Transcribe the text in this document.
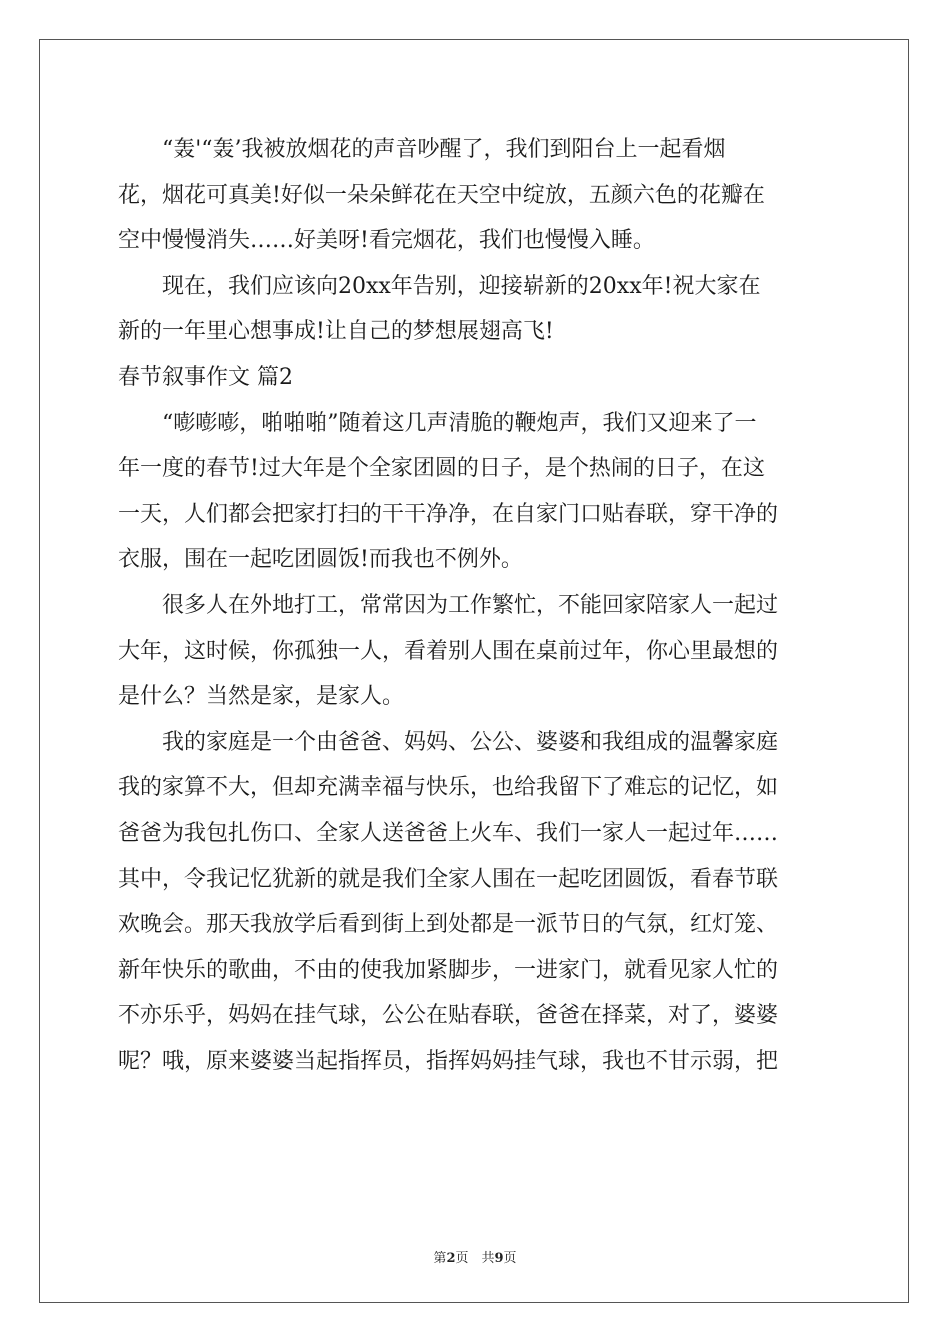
“轰'“轰’我被放烟花的声音吵醒了，我们到阳台上一起看烟
花，烟花可真美!好似一朵朵鲜花在天空中绽放，五颜六色的花瓣在
空中慢慢消失……好美呀!看完烟花，我们也慢慢入睡。
现在，我们应该向20xx年告别，迎接崭新的20xx年!祝大家在
新的一年里心想事成!让自己的梦想展翅高飞!
春节叙事作文 篇2
“嘭嘭嘭，啪啪啪”随着这几声清脆的鞭炮声，我们又迎来了一
年一度的春节!过大年是个全家团圆的日子，是个热闹的日子，在这
一天，人们都会把家打扫的干干净净，在自家门口贴春联，穿干净的
衣服，围在一起吃团圆饭!而我也不例外。
很多人在外地打工，常常因为工作繁忙，不能回家陪家人一起过
大年，这时候，你孤独一人，看着别人围在桌前过年，你心里最想的
是什么？当然是家，是家人。
我的家庭是一个由爸爸、妈妈、公公、婆婆和我组成的温馨家庭
我的家算不大，但却充满幸福与快乐，也给我留下了难忘的记忆，如
爸爸为我包扎伤口、全家人送爸爸上火车、我们一家人一起过年……
其中，令我记忆犹新的就是我们全家人围在一起吃团圆饭，看春节联
欢晚会。那天我放学后看到街上到处都是一派节日的气氛，红灯笼、
新年快乐的歌曲，不由的使我加紧脚步，一进家门，就看见家人忙的
不亦乐乎，妈妈在挂气球，公公在贴春联，爸爸在择菜，对了，婆婆
呢？哦，原来婆婆当起指挥员，指挥妈妈挂气球，我也不甘示弱，把
第2页　共9页
